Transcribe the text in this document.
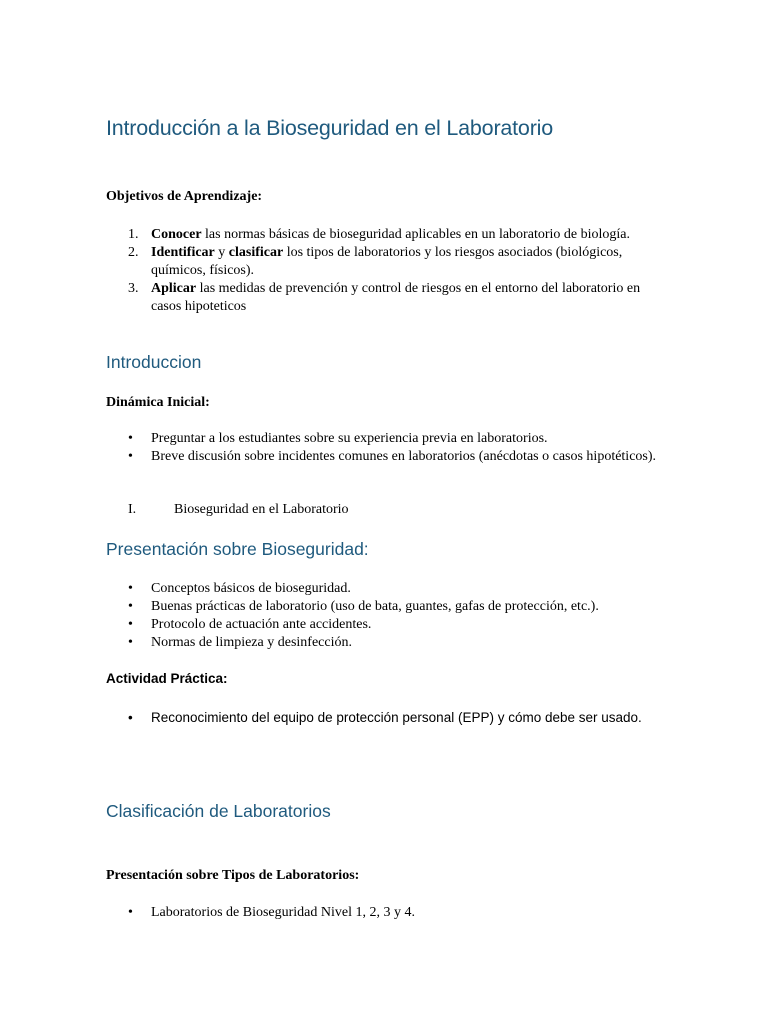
Introducción a la Bioseguridad en el Laboratorio
Objetivos de Aprendizaje:
1. Conocer las normas básicas de bioseguridad aplicables en un laboratorio de biología.
2. Identificar y clasificar los tipos de laboratorios y los riesgos asociados (biológicos, químicos, físicos).
3. Aplicar las medidas de prevención y control de riesgos en el entorno del laboratorio en casos hipoteticos
Introduccion
Dinámica Inicial:
• Preguntar a los estudiantes sobre su experiencia previa en laboratorios.
• Breve discusión sobre incidentes comunes en laboratorios (anécdotas o casos hipotéticos).
I.	Bioseguridad en el Laboratorio
Presentación sobre Bioseguridad:
• Conceptos básicos de bioseguridad.
• Buenas prácticas de laboratorio (uso de bata, guantes, gafas de protección, etc.).
• Protocolo de actuación ante accidentes.
• Normas de limpieza y desinfección.
Actividad Práctica:
• Reconocimiento del equipo de protección personal (EPP) y cómo debe ser usado.
Clasificación de Laboratorios
Presentación sobre Tipos de Laboratorios:
• Laboratorios de Bioseguridad Nivel 1, 2, 3 y 4.
